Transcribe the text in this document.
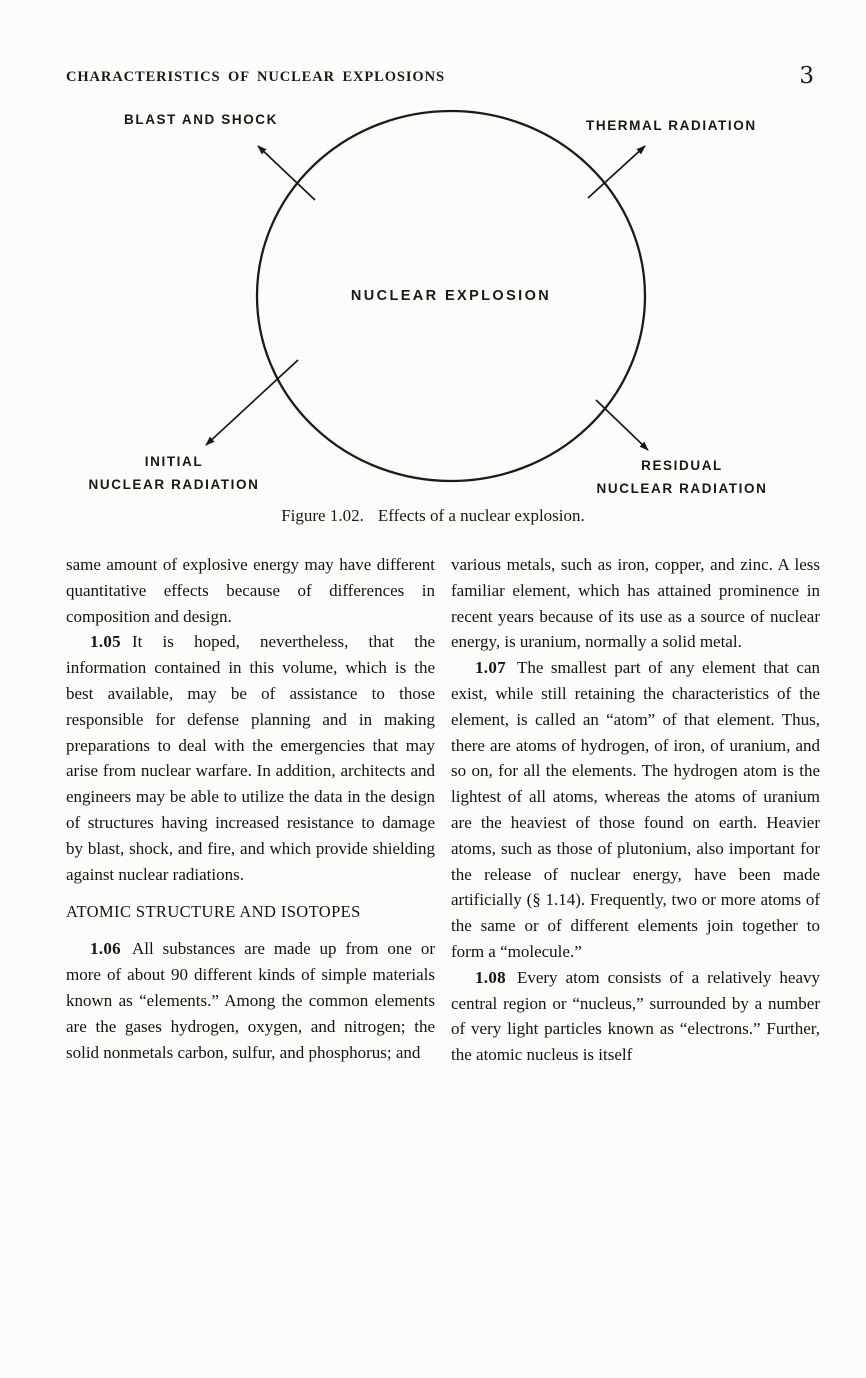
CHARACTERISTICS OF NUCLEAR EXPLOSIONS	3
BLAST AND SHOCK	THERMAL RADIATION
NUCLEAR EXPLOSION
INITIAL
NUCLEAR RADIATION
RESIDUAL
NUCLEAR RADIATION
Figure 1.02. Effects of a nuclear explosion.

same amount of explosive energy may have different quantitative effects because of differences in composition and design.

1.05 It is hoped, nevertheless, that the information contained in this volume, which is the best available, may be of assistance to those responsible for defense planning and in making preparations to deal with the emergencies that may arise from nuclear warfare. In addition, architects and engineers may be able to utilize the data in the design of structures having increased resistance to damage by blast, shock, and fire, and which provide shielding against nuclear radiations.

ATOMIC STRUCTURE AND ISOTOPES

1.06 All substances are made up from one or more of about 90 different kinds of simple materials known as “elements.” Among the common elements are the gases hydrogen, oxygen, and nitrogen; the solid nonmetals carbon, sulfur, and phosphorus; and

various metals, such as iron, copper, and zinc. A less familiar element, which has attained prominence in recent years because of its use as a source of nuclear energy, is uranium, normally a solid metal.

1.07 The smallest part of any element that can exist, while still retaining the characteristics of the element, is called an “atom” of that element. Thus, there are atoms of hydrogen, of iron, of uranium, and so on, for all the elements. The hydrogen atom is the lightest of all atoms, whereas the atoms of uranium are the heaviest of those found on earth. Heavier atoms, such as those of plutonium, also important for the release of nuclear energy, have been made artificially (§ 1.14). Frequently, two or more atoms of the same or of different elements join together to form a “molecule.”

1.08 Every atom consists of a relatively heavy central region or “nucleus,” surrounded by a number of very light particles known as “electrons.” Further, the atomic nucleus is itself
